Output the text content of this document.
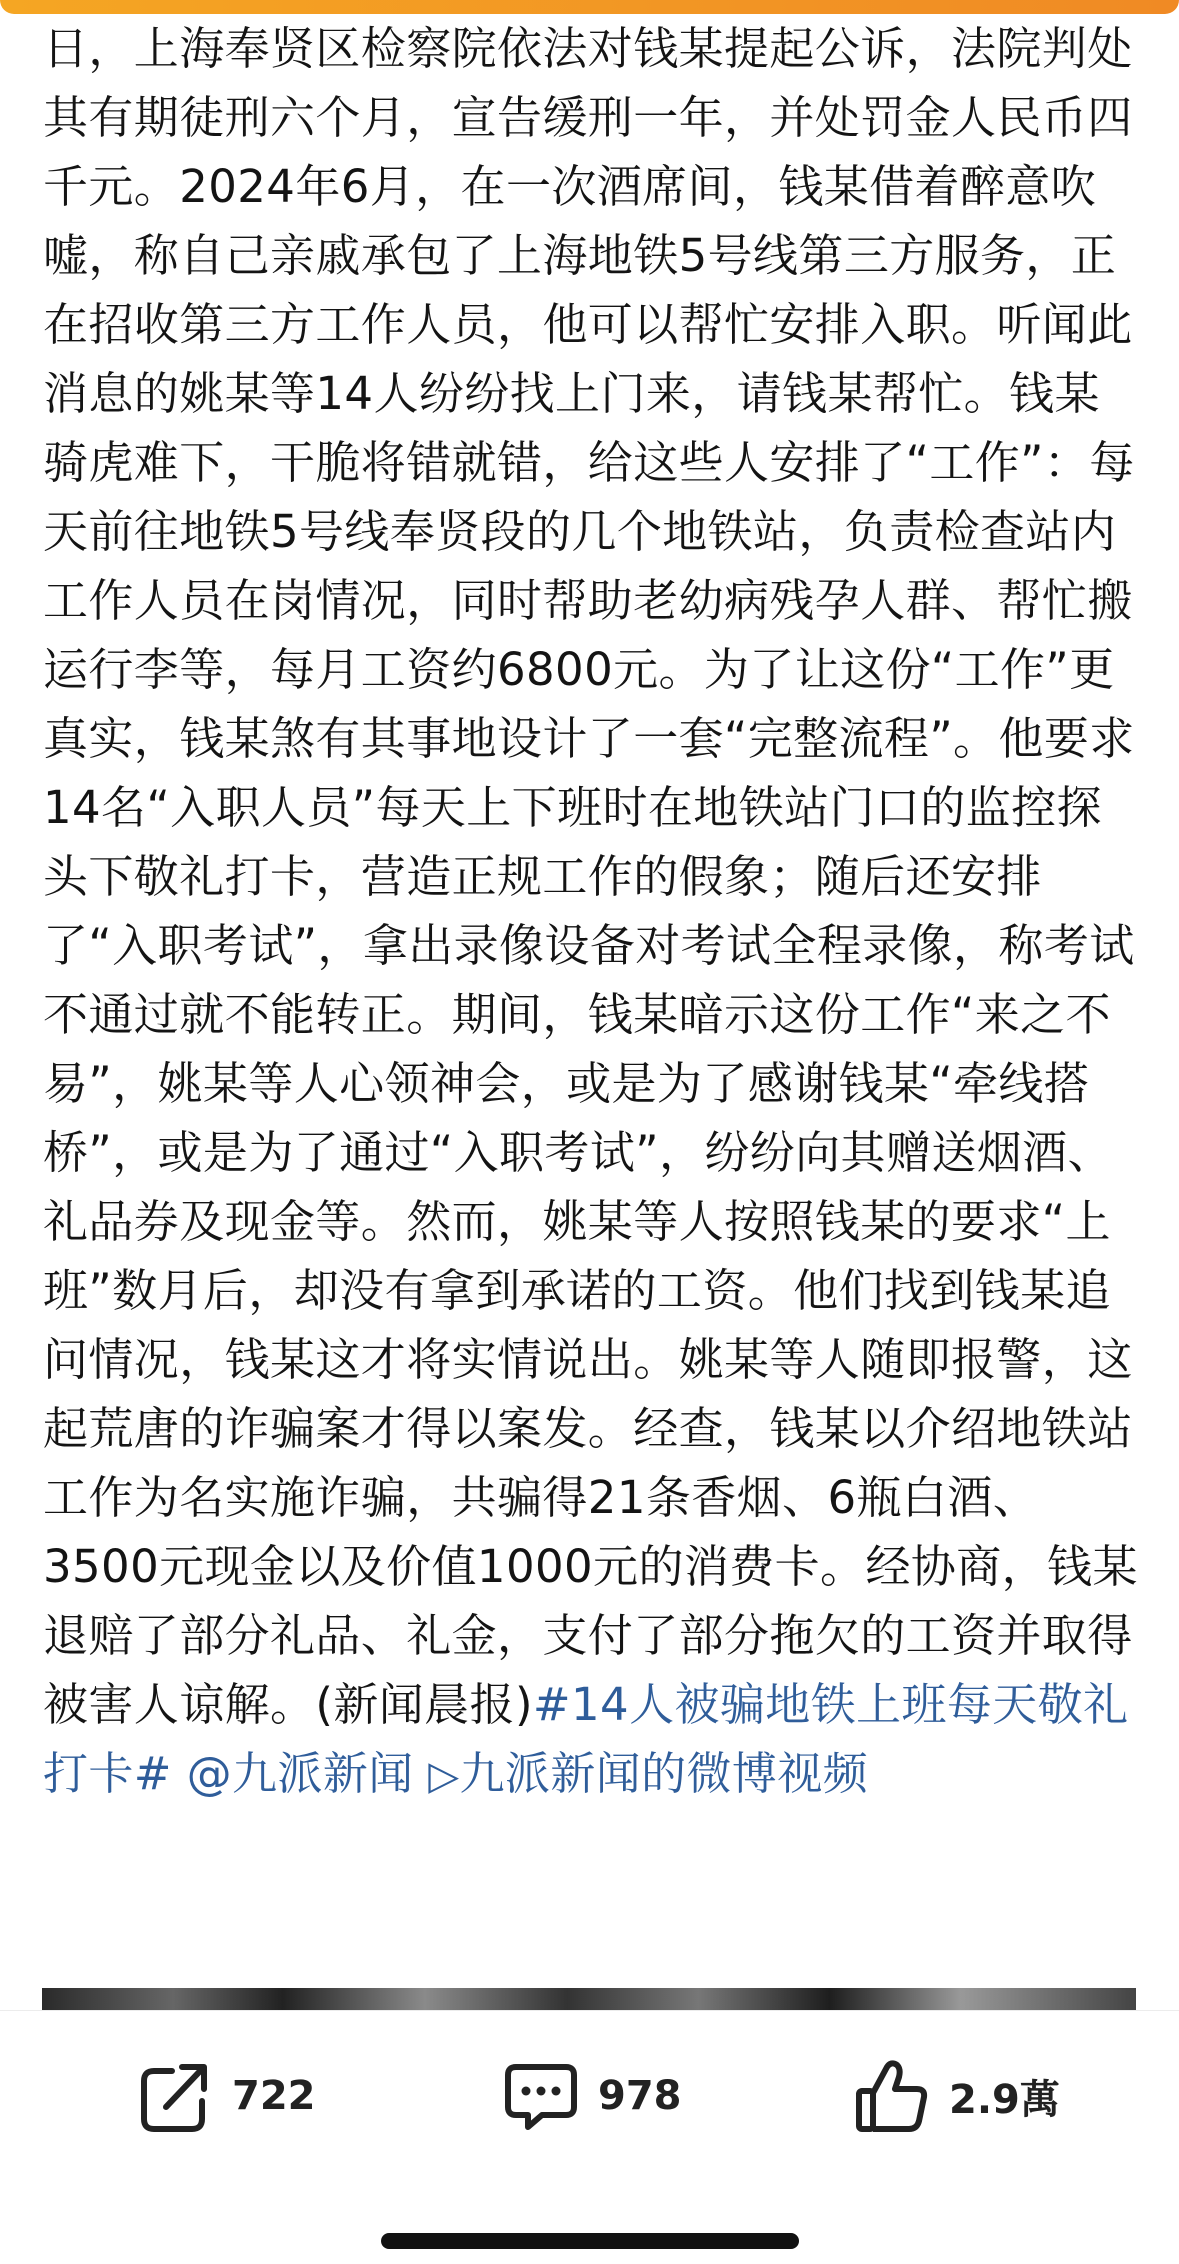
日，上海奉贤区检察院依法对钱某提起公诉，法院判处其有期徒刑六个月，宣告缓刑一年，并处罚金人民币四千元。2024年6月，在一次酒席间，钱某借着醉意吹嘘，称自己亲戚承包了上海地铁5号线第三方服务，正在招收第三方工作人员，他可以帮忙安排入职。听闻此消息的姚某等14人纷纷找上门来，请钱某帮忙。钱某骑虎难下，干脆将错就错，给这些人安排了“工作”：每天前往地铁5号线奉贤段的几个地铁站，负责检查站内工作人员在岗情况，同时帮助老幼病残孕人群、帮忙搬运行李等，每月工资约6800元。为了让这份“工作”更真实，钱某煞有其事地设计了一套“完整流程”。他要求14名“入职人员”每天上下班时在地铁站门口的监控探头下敬礼打卡，营造正规工作的假象；随后还安排了“入职考试”，拿出录像设备对考试全程录像，称考试不通过就不能转正。期间，钱某暗示这份工作“来之不易”，姚某等人心领神会，或是为了感谢钱某“牵线搭桥”，或是为了通过“入职考试”，纷纷向其赠送烟酒、礼品券及现金等。然而，姚某等人按照钱某的要求“上班”数月后，却没有拿到承诺的工资。他们找到钱某追问情况，钱某这才将实情说出。姚某等人随即报警，这起荒唐的诈骗案才得以案发。经查，钱某以介绍地铁站工作为名实施诈骗，共骗得21条香烟、6瓶白酒、3500元现金以及价值1000元的消费卡。经协商，钱某退赔了部分礼品、礼金，支付了部分拖欠的工资并取得被害人谅解。(新闻晨报)#14人被骗地铁上班每天敬礼打卡# @九派新闻 ▷九派新闻的微博视频
722	978	2.9萬
